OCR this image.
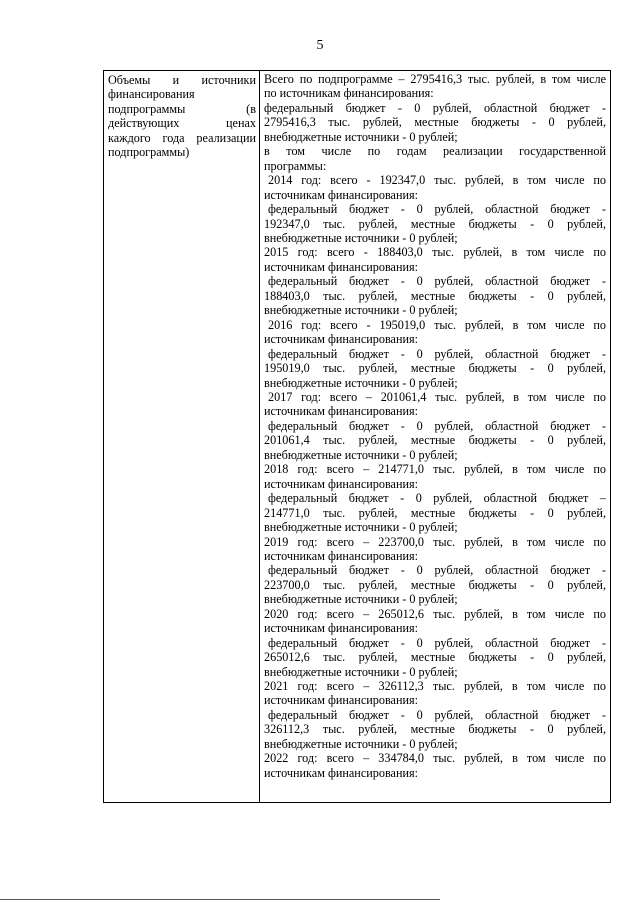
5
Объемы и источники
финансирования
подпрограммы (в
действующих ценах
каждого года реализации
подпрограммы)
Всего по подпрограмме – 2795416,3 тыс. рублей, в том числе
по источникам финансирования:
федеральный бюджет - 0 рублей, областной бюджет -
2795416,3 тыс. рублей, местные бюджеты - 0 рублей,
внебюджетные источники - 0 рублей;
в том числе по годам реализации государственной
программы:
2014 год: всего - 192347,0 тыс. рублей, в том числе по
источникам финансирования:
федеральный бюджет - 0 рублей, областной бюджет -
192347,0 тыс. рублей, местные бюджеты - 0 рублей,
внебюджетные источники - 0 рублей;
2015 год: всего - 188403,0 тыс. рублей, в том числе по
источникам финансирования:
федеральный бюджет - 0 рублей, областной бюджет -
188403,0 тыс. рублей, местные бюджеты - 0 рублей,
внебюджетные источники - 0 рублей;
2016 год: всего - 195019,0 тыс. рублей, в том числе по
источникам финансирования:
федеральный бюджет - 0 рублей, областной бюджет -
195019,0 тыс. рублей, местные бюджеты - 0 рублей,
внебюджетные источники - 0 рублей;
2017 год: всего – 201061,4 тыс. рублей, в том числе по
источникам финансирования:
федеральный бюджет - 0 рублей, областной бюджет -
201061,4 тыс. рублей, местные бюджеты - 0 рублей,
внебюджетные источники - 0 рублей;
2018 год: всего – 214771,0 тыс. рублей, в том числе по
источникам финансирования:
федеральный бюджет - 0 рублей, областной бюджет –
214771,0 тыс. рублей, местные бюджеты - 0 рублей,
внебюджетные источники - 0 рублей;
2019 год: всего – 223700,0 тыс. рублей, в том числе по
источникам финансирования:
федеральный бюджет - 0 рублей, областной бюджет -
223700,0 тыс. рублей, местные бюджеты - 0 рублей,
внебюджетные источники - 0 рублей;
2020 год: всего – 265012,6 тыс. рублей, в том числе по
источникам финансирования:
федеральный бюджет - 0 рублей, областной бюджет -
265012,6 тыс. рублей, местные бюджеты - 0 рублей,
внебюджетные источники - 0 рублей;
2021 год: всего – 326112,3 тыс. рублей, в том числе по
источникам финансирования:
федеральный бюджет - 0 рублей, областной бюджет -
326112,3 тыс. рублей, местные бюджеты - 0 рублей,
внебюджетные источники - 0 рублей;
2022 год: всего – 334784,0 тыс. рублей, в том числе по
источникам финансирования:
